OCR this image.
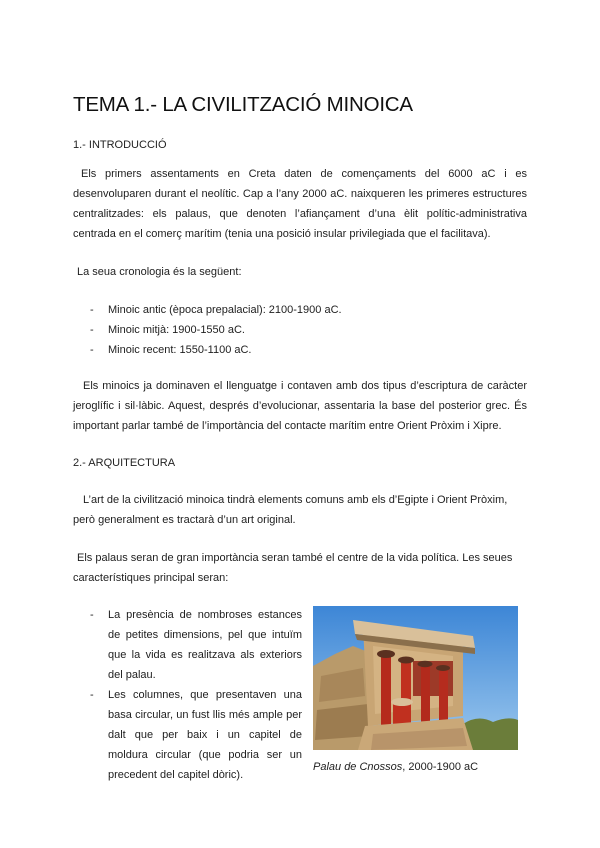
TEMA 1.- LA CIVILITZACIÓ MINOICA
1.- INTRODUCCIÓ

Els primers assentaments en Creta daten de començaments del 6000 aC i es desenvoluparen durant el neolític. Cap a l’any 2000 aC. naixqueren les primeres estructures centralitzades: els palaus, que denoten l’afiançament d’una èlit polític-administrativa centrada en el comerç marítim (tenia una posició insular privilegiada que el facilitava).

La seua cronologia és la següent:

- Minoic antic (època prepalacial): 2100-1900 aC.
- Minoic mitjà: 1900-1550 aC.
- Minoic recent: 1550-1100 aC.

Els minoics ja dominaven el llenguatge i contaven amb dos tipus d’escriptura de caràcter jeroglífic i sil·làbic. Aquest, després d’evolucionar, assentaria la base del posterior grec. És important parlar també de l’importància del contacte marítim entre Orient Pròxim i Xipre.

2.- ARQUITECTURA

L’art de la civilització minoica tindrà elements comuns amb els d’Egipte i Orient Pròxim, però generalment es tractarà d’un art original.

Els palaus seran de gran importància seran també el centre de la vida política. Les seues característiques principal seran:

- La presència de nombroses estances de petites dimensions, pel que intuïm que la vida es realitzava als exteriors del palau.
- Les columnes, que presentaven una basa circular, un fust llis més ample per dalt que per baix i un capitel de moldura circular (que podria ser un precedent del capitel dòric).
Palau de Cnossos, 2000-1900 aC
